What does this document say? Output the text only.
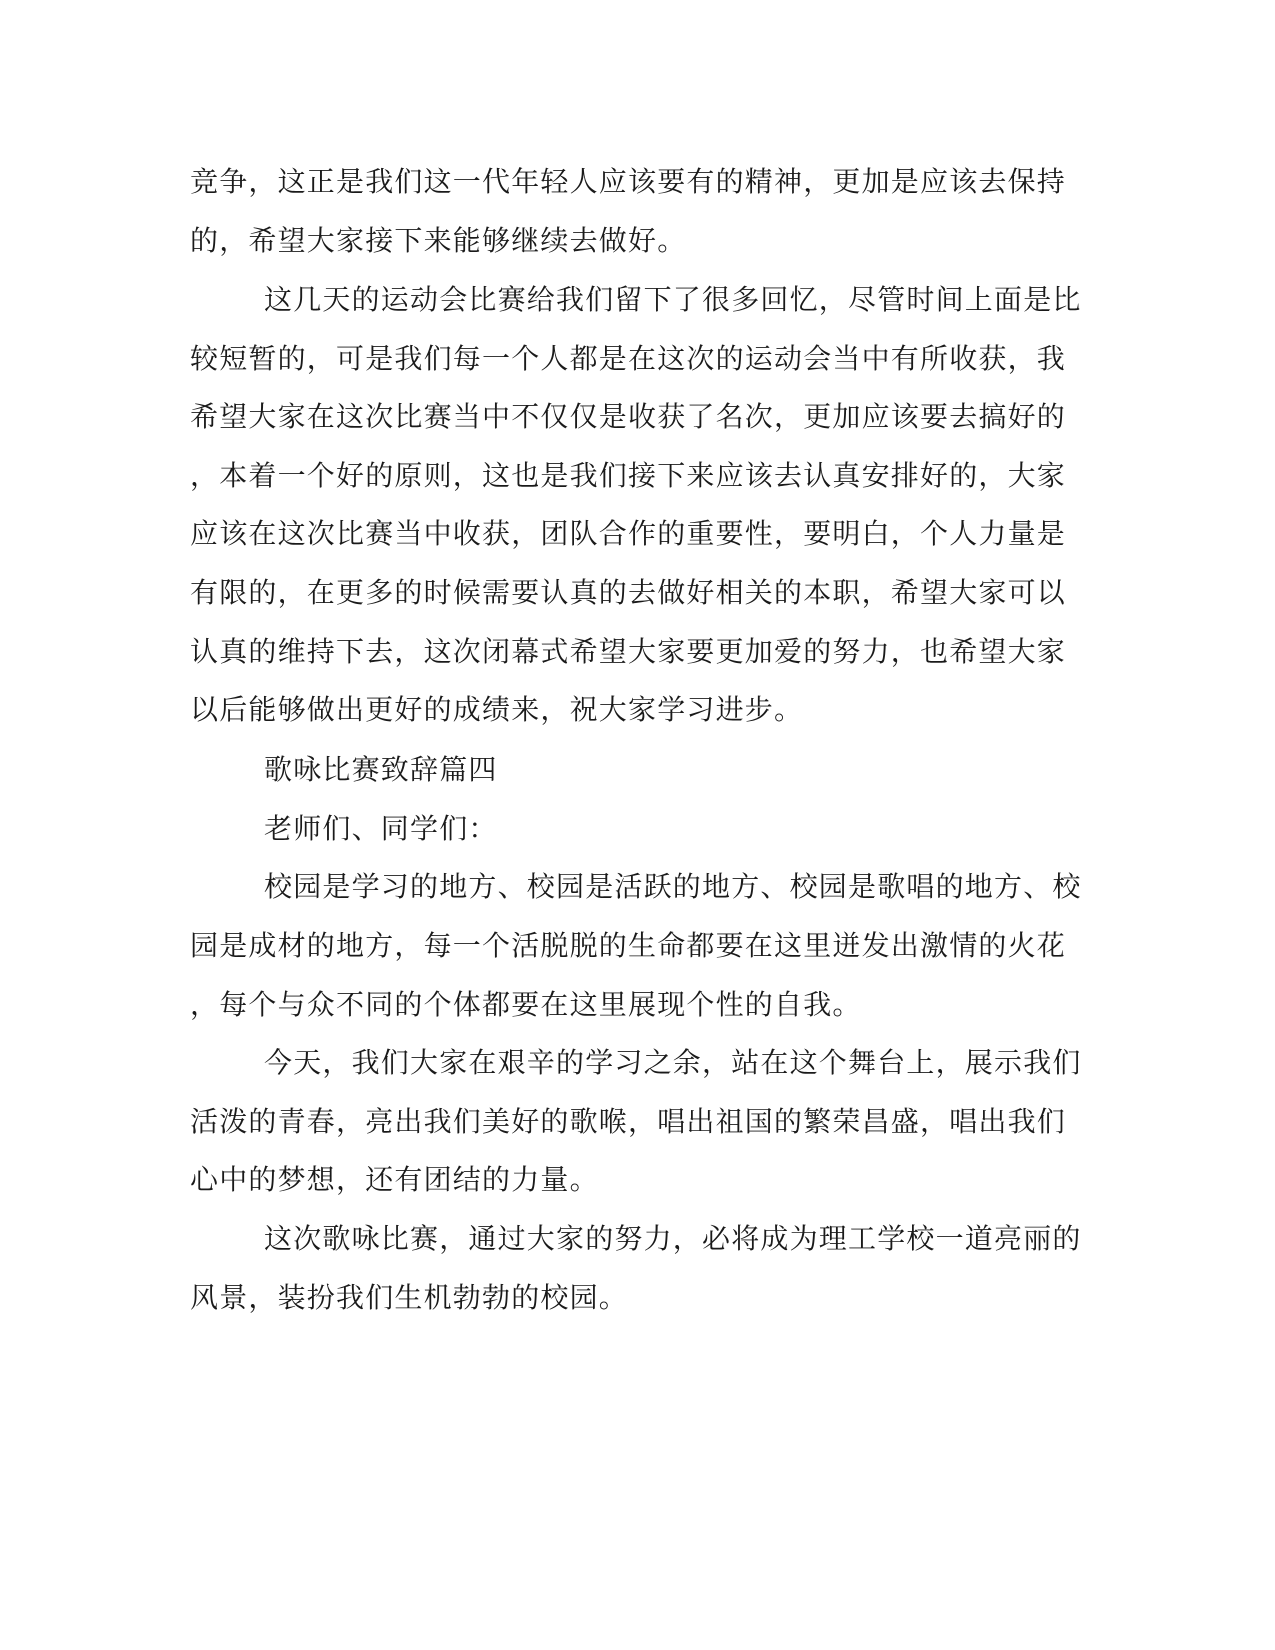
竞争，这正是我们这一代年轻人应该要有的精神，更加是应该去保持
的，希望大家接下来能够继续去做好。
这几天的运动会比赛给我们留下了很多回忆，尽管时间上面是比
较短暂的，可是我们每一个人都是在这次的运动会当中有所收获，我
希望大家在这次比赛当中不仅仅是收获了名次，更加应该要去搞好的
，本着一个好的原则，这也是我们接下来应该去认真安排好的，大家
应该在这次比赛当中收获，团队合作的重要性，要明白，个人力量是
有限的，在更多的时候需要认真的去做好相关的本职，希望大家可以
认真的维持下去，这次闭幕式希望大家要更加爱的努力，也希望大家
以后能够做出更好的成绩来，祝大家学习进步。
歌咏比赛致辞篇四
老师们、同学们：
校园是学习的地方、校园是活跃的地方、校园是歌唱的地方、校
园是成材的地方，每一个活脱脱的生命都要在这里迸发出激情的火花
，每个与众不同的个体都要在这里展现个性的自我。
今天，我们大家在艰辛的学习之余，站在这个舞台上，展示我们
活泼的青春，亮出我们美好的歌喉，唱出祖国的繁荣昌盛，唱出我们
心中的梦想，还有团结的力量。
这次歌咏比赛，通过大家的努力，必将成为理工学校一道亮丽的
风景，装扮我们生机勃勃的校园。
